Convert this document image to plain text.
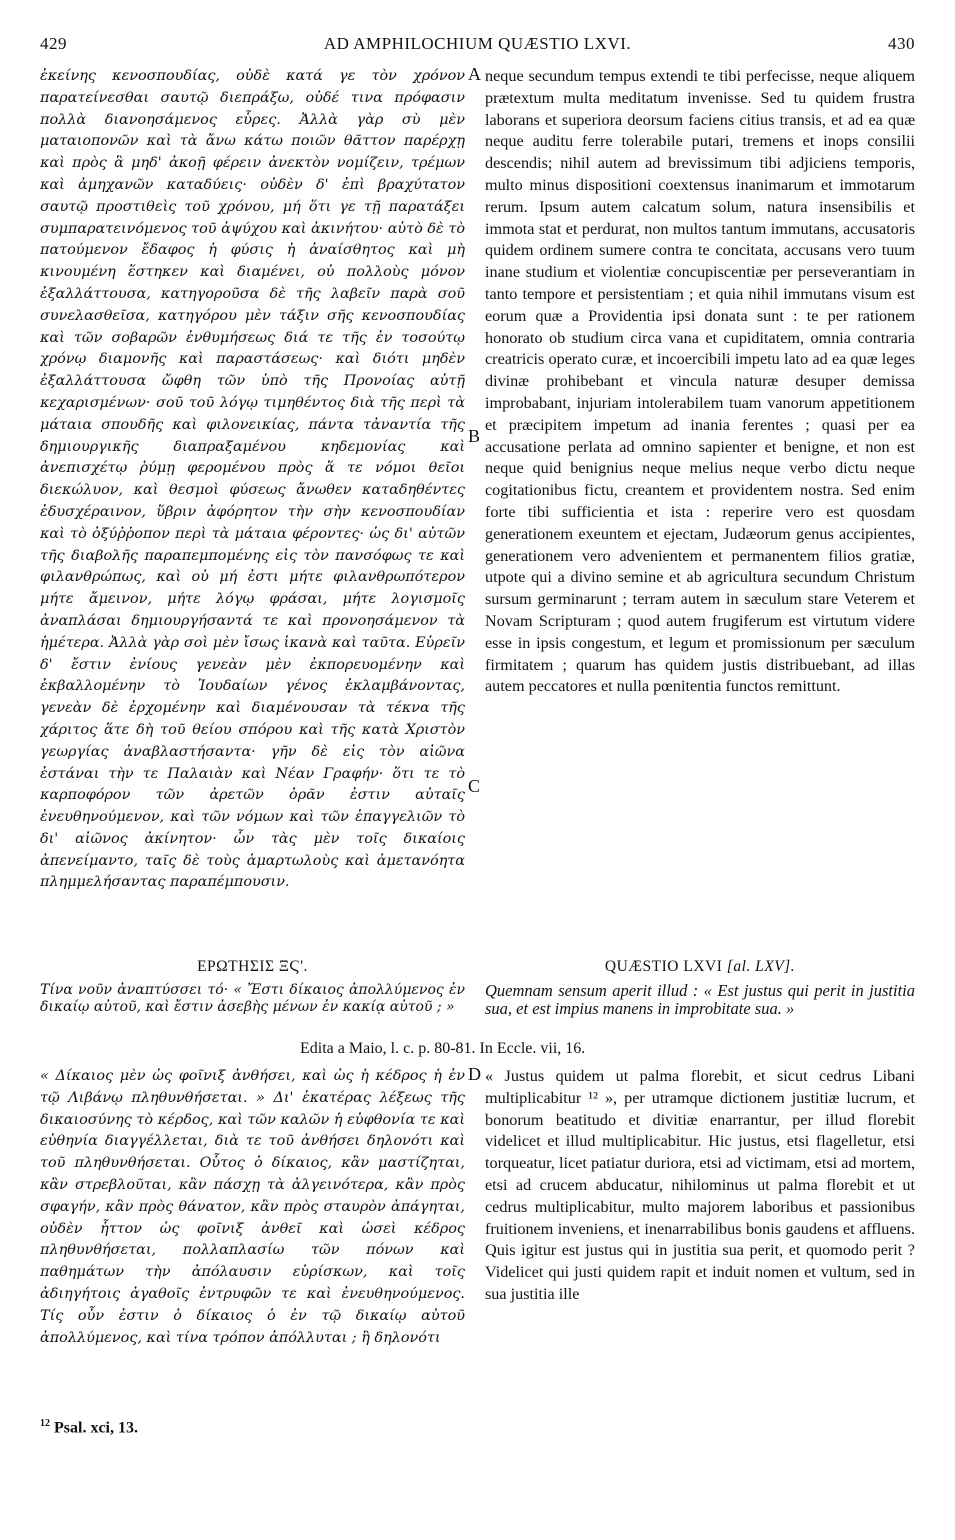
429	AD AMPHILOCHIUM QUÆSTIO LXVI.	430

ἐκείνης κενοσπουδίας, οὐδὲ κατά γε τὸν χρόνον παρατείνεσθαι σαυτῷ διεπράξω, οὐδέ τινα πρόφασιν πολλὰ διανοησάμενος εὗρες. Ἀλλὰ γὰρ σὺ μὲν ματαιοπονῶν καὶ τὰ ἄνω κάτω ποιῶν θᾶττον παρέρχῃ καὶ πρὸς ἃ μηδ' ἀκοῇ φέρειν ἀνεκτὸν νομίζειν, τρέμων καὶ ἀμηχανῶν καταδύεις· οὐδὲν δ' ἐπὶ βραχύτατον σαυτῷ προστιθεὶς τοῦ χρόνου, μή ὅτι γε τῇ παρατάξει συμπαρατεινόμενος τοῦ ἀψύχου καὶ ἀκινήτου· αὐτὸ δὲ τὸ πατούμενον ἔδαφος ἡ φύσις ἡ ἀναίσθητος καὶ μὴ κινουμένη ἕστηκεν καὶ διαμένει, οὐ πολλοὺς μόνον ἐξαλλάττουσα, κατηγοροῦσα δὲ τῆς λαβεῖν παρὰ σοῦ συνελασθεῖσα, κατηγόρου μὲν τάξιν σῆς κενοσπουδίας καὶ τῶν σοβαρῶν ἐνθυμήσεως διά τε τῆς ἐν τοσούτῳ χρόνῳ διαμονῆς καὶ παραστάσεως· καὶ διότι μηδὲν ἐξαλλάττουσα ὤφθη τῶν ὑπὸ τῆς Προνοίας αὐτῇ κεχαρισμένων· σοῦ τοῦ λόγῳ τιμηθέντος διὰ τῆς περὶ τὰ μάταια σπουδῆς καὶ φιλονεικίας, πάντα τἀναντία τῆς δημιουργικῆς διαπραξαμένου κηδεμονίας καὶ ἀνεπισχέτῳ ῥύμῃ φερομένου πρὸς ἅ τε νόμοι θεῖοι διεκώλυον, καὶ θεσμοὶ φύσεως ἄνωθεν καταδηθέντες ἐδυσχέραινον, ὕβριν ἀφόρητον τὴν σὴν κενοσπουδίαν καὶ τὸ ὀξύῤῥοπον περὶ τὰ μάταια φέροντες· ὡς δι' αὐτῶν τῆς διαβολῆς παραπεμπομένης εἰς τὸν πανσόφως τε καὶ φιλανθρώπως, καὶ οὐ μή ἐστι μήτε φιλανθρωπότερον μήτε ἄμεινον, μήτε λόγῳ φράσαι, μήτε λογισμοῖς ἀναπλάσαι δημιουργήσαντά τε καὶ προνοησάμενον τὰ ἡμέτερα. Ἀλλὰ γὰρ σοὶ μὲν ἴσως ἱκανὰ καὶ ταῦτα. Εὑρεῖν δ' ἔστιν ἐνίους γενεὰν μὲν ἐκπορευομένην καὶ ἐκβαλλομένην τὸ Ἰουδαίων γένος ἐκλαμβάνοντας, γενεὰν δὲ ἐρχομένην καὶ διαμένουσαν τὰ τέκνα τῆς χάριτος ἅτε δὴ τοῦ θείου σπόρου καὶ τῆς κατὰ Χριστὸν γεωργίας ἀναβλαστήσαντα· γῆν δὲ εἰς τὸν αἰῶνα ἑστάναι τὴν τε Παλαιὰν καὶ Νέαν Γραφήν· ὅτι τε τὸ καρποφόρον τῶν ἀρετῶν ὁρᾶν ἐστιν αὐταῖς ἐνευθηνούμενον, καὶ τῶν νόμων καὶ τῶν ἐπαγγελιῶν τὸ δι' αἰῶνος ἀκίνητον· ὧν τὰς μὲν τοῖς δικαίοις ἀπενείμαντο, ταῖς δὲ τοὺς ἁμαρτωλοὺς καὶ ἀμετανόητα πλημμελήσαντας παραπέμπουσιν.

neque secundum tempus extendi te tibi perfecisse, neque aliquem prætextum multa meditatum invenisse. Sed tu quidem frustra laborans et superiora deorsum faciens citius transis, et ad ea quæ neque auditu ferre tolerabile putari, tremens et inops consilii descendis; nihil autem ad brevissimum tibi adjiciens temporis, multo minus dispositioni coextensus inanimarum et immotarum rerum. Ipsum autem calcatum solum, natura insensibilis et immota stat et perdurat, non multos tantum immutans, accusatoris quidem ordinem sumere contra te concitata, accusans vero tuum inane studium et violentiæ concupiscentiæ per perseverantiam in tanto tempore et persistentiam ; et quia nihil immutans visum est eorum quæ a Providentia ipsi donata sunt : te per rationem honorato ob studium circa vana et cupiditatem, omnia contraria creatricis operato curæ, et incoercibili impetu lato ad ea quæ leges divinæ prohibebant et vincula naturæ desuper demissa improbabant, injuriam intolerabilem tuam vanorum appetitionem et præcipitem impetum ad inania ferentes ; quasi per ea accusatione perlata ad omnino sapienter et benigne, et non est neque quid benignius neque melius neque verbo dictu neque cogitationibus fictu, creantem et providentem nostra. Sed enim forte tibi sufficientia et ista : reperire vero est quosdam generationem exeuntem et ejectam, Judæorum genus accipientes, generationem vero advenientem et permanentem filios gratiæ, utpote qui a divino semine et ab agricultura secundum Christum sursum germinarunt ; terram autem in sæculum stare Veterem et Novam Scripturam ; quod autem frugiferum est virtutum videre esse in ipsis congestum, et legum et promissionum per sæculum firmitatem ; quarum has quidem justis distribuebant, ad illas autem peccatores et nulla pœnitentia functos remittunt.

A
B
C
D
ΕΡΩΤΗΣΙΣ ΞϚ'.	QUÆSTIO LXVI [al. LXV].
Τίνα νοῦν ἀναπτύσσει τό· « Ἔστι δίκαιος ἀπολλύμενος ἐν δικαίῳ αὐτοῦ, καὶ ἔστιν ἀσεβὴς μένων ἐν κακίᾳ αὐτοῦ ; »
Quemnam sensum aperit illud : « Est justus qui perit in justitia sua, et est impius manens in improbitate sua. »
Edita a Maio, l. c. p. 80-81. In Eccle. vii, 16.

« Δίκαιος μὲν ὡς φοῖνιξ ἀνθήσει, καὶ ὡς ἡ κέδρος ἡ ἐν τῷ Λιβάνῳ πληθυνθήσεται. » Δι' ἑκατέρας λέξεως τῆς δικαιοσύνης τὸ κέρδος, καὶ τῶν καλῶν ἡ εὐφθονία τε καὶ εὐθηνία διαγγέλλεται, διὰ τε τοῦ ἀνθήσει δηλονότι καὶ τοῦ πληθυνθήσεται. Οὗτος ὁ δίκαιος, κἂν μαστίζηται, κἂν στρεβλοῦται, κἂν πάσχῃ τὰ ἀλγεινότερα, κἂν πρὸς σφαγήν, κἂν πρὸς θάνατον, κἂν πρὸς σταυρὸν ἀπάγηται, οὐδὲν ἧττον ὡς φοῖνιξ ἀνθεῖ καὶ ὡσεὶ κέδρος πληθυνθήσεται, πολλαπλασίω τῶν πόνων καὶ παθημάτων τὴν ἀπόλαυσιν εὑρίσκων, καὶ τοῖς ἀδιηγήτοις ἀγαθοῖς ἐντρυφῶν τε καὶ ἐνευθηνούμενος. Τίς οὖν ἐστιν ὁ δίκαιος ὁ ἐν τῷ δικαίῳ αὐτοῦ ἀπολλύμενος, καὶ τίνα τρόπον ἀπόλλυται ; ἢ δηλονότι

« Justus quidem ut palma florebit, et sicut cedrus Libani multiplicabitur ¹² », per utramque dictionem justitiæ lucrum, et bonorum beatitudo et divitiæ enarrantur, per illud florebit videlicet et illud multiplicabitur. Hic justus, etsi flagelletur, etsi torqueatur, licet patiatur duriora, etsi ad victimam, etsi ad mortem, etsi ad crucem abducatur, nihilominus ut palma florebit et ut cedrus multiplicabitur, multo majorem laboribus et passionibus fruitionem inveniens, et inenarrabilibus bonis gaudens et affluens. Quis igitur est justus qui in justitia sua perit, et quomodo perit ? Videlicet qui justi quidem rapit et induit nomen et vultum, sed in sua justitia ille

$^{12}$ Psal. xci, 13.
